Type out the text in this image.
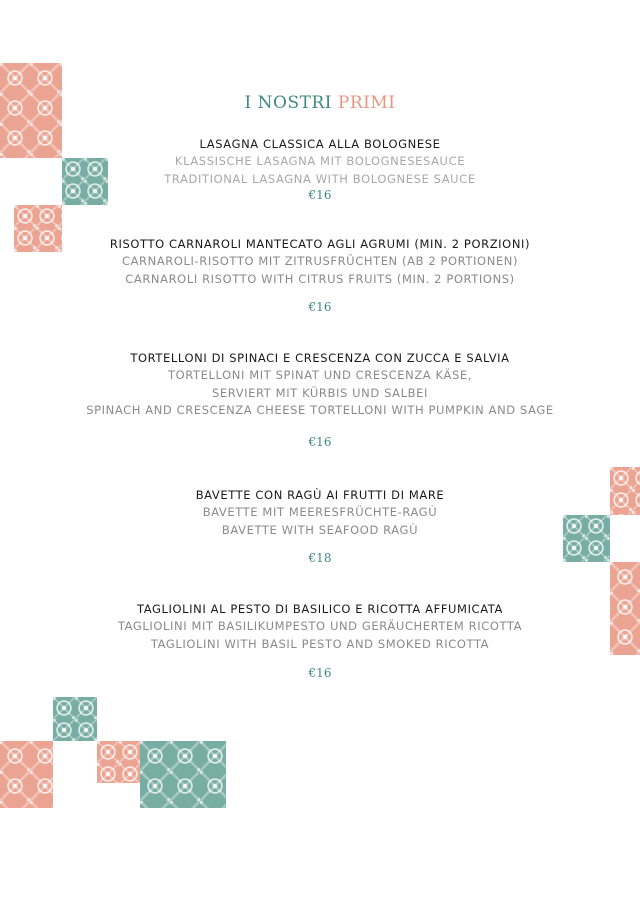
I NOSTRI PRIMI
LASAGNA CLASSICA ALLA BOLOGNESE
KLASSISCHE LASAGNA MIT BOLOGNESESAUCE
TRADITIONAL LASAGNA WITH BOLOGNESE SAUCE
€16
RISOTTO CARNAROLI MANTECATO AGLI AGRUMI (MIN. 2 PORZIONI)
CARNAROLI-RISOTTO MIT ZITRUSFRÜCHTEN (AB 2 PORTIONEN)
CARNAROLI RISOTTO WITH CITRUS FRUITS (MIN. 2 PORTIONS)
€16
TORTELLONI DI SPINACI E CRESCENZA CON ZUCCA E SALVIA
TORTELLONI MIT SPINAT UND CRESCENZA KÄSE,
SERVIERT MIT KÜRBIS UND SALBEI
SPINACH AND CRESCENZA CHEESE TORTELLONI WITH PUMPKIN AND SAGE
€16
BAVETTE CON RAGÙ AI FRUTTI DI MARE
BAVETTE MIT MEERESFRÜCHTE-RAGÙ
BAVETTE WITH SEAFOOD RAGÙ
€18
TAGLIOLINI AL PESTO DI BASILICO E RICOTTA AFFUMICATA
TAGLIOLINI MIT BASILIKUMPESTO UND GERÄUCHERTEM RICOTTA
TAGLIOLINI WITH BASIL PESTO AND SMOKED RICOTTA
€16
